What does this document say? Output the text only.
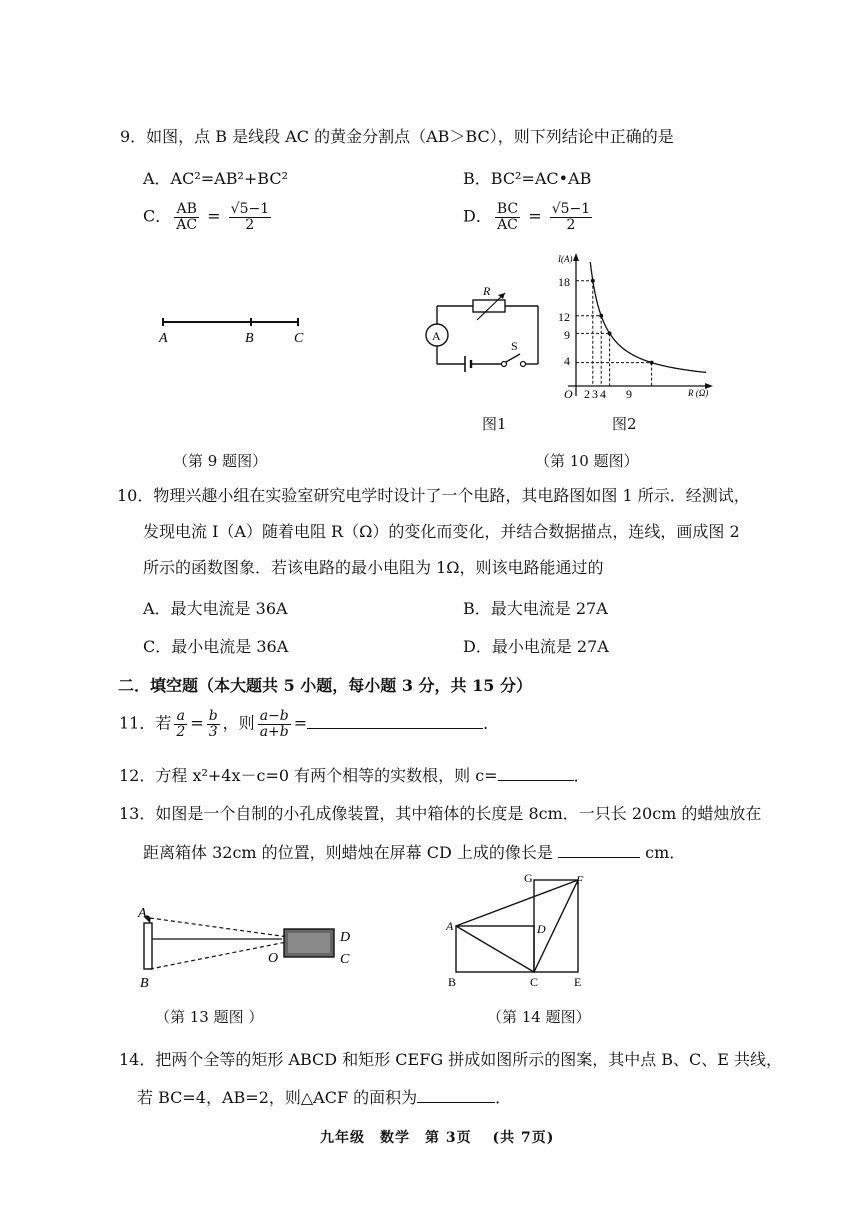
9．如图，点 B 是线段 AC 的黄金分割点（AB＞BC），则下列结论中正确的是
A．AC²=AB²+BC²	B．BC²=AC•AB
C． $\frac{AB}{AC} = \frac{√5-1}{2}$	D． $\frac{BC}{AC} = \frac{√5-1}{2}$
A	B	C
（第 9 题图）
R
A
S
I(A)
R (Ω)
O
18
12
9
4
2 3 4 9
图1	图2
（第 10 题图）
10．物理兴趣小组在实验室研究电学时设计了一个电路，其电路图如图 1 所示．经测试，
发现电流 I（A）随着电阻 R（Ω）的变化而变化，并结合数据描点，连线，画成图 2
所示的函数图象．若该电路的最小电阻为 1Ω，则该电路能通过的
A．最大电流是 36A	B．最大电流是 27A
C．最小电流是 36A	D．最小电流是 27A
二．填空题（本大题共 5 小题，每小题 3 分，共 15 分）
11．若 $\frac{a}{2} = \frac{b}{3}$ ，则 $\frac{a-b}{a+b}$ =	．
12．方程 x²+4x－c=0 有两个相等的实数根，则 c=	．
13．如图是一个自制的小孔成像装置，其中箱体的长度是 8cm．一只长 20cm 的蜡烛放在
距离箱体 32cm 的位置，则蜡烛在屏幕 CD 上成的像长是	cm．
A
B
O
D
C
G	F
A	D
B	C	E
（第 13 题图 ）	（第 14 题图）
14．把两个全等的矩形 ABCD 和矩形 CEFG 拼成如图所示的图案，其中点 B、C、E 共线，
若 BC=4，AB=2，则△ACF 的面积为	．
九年级　数学　第 3页　 (共 7页)
